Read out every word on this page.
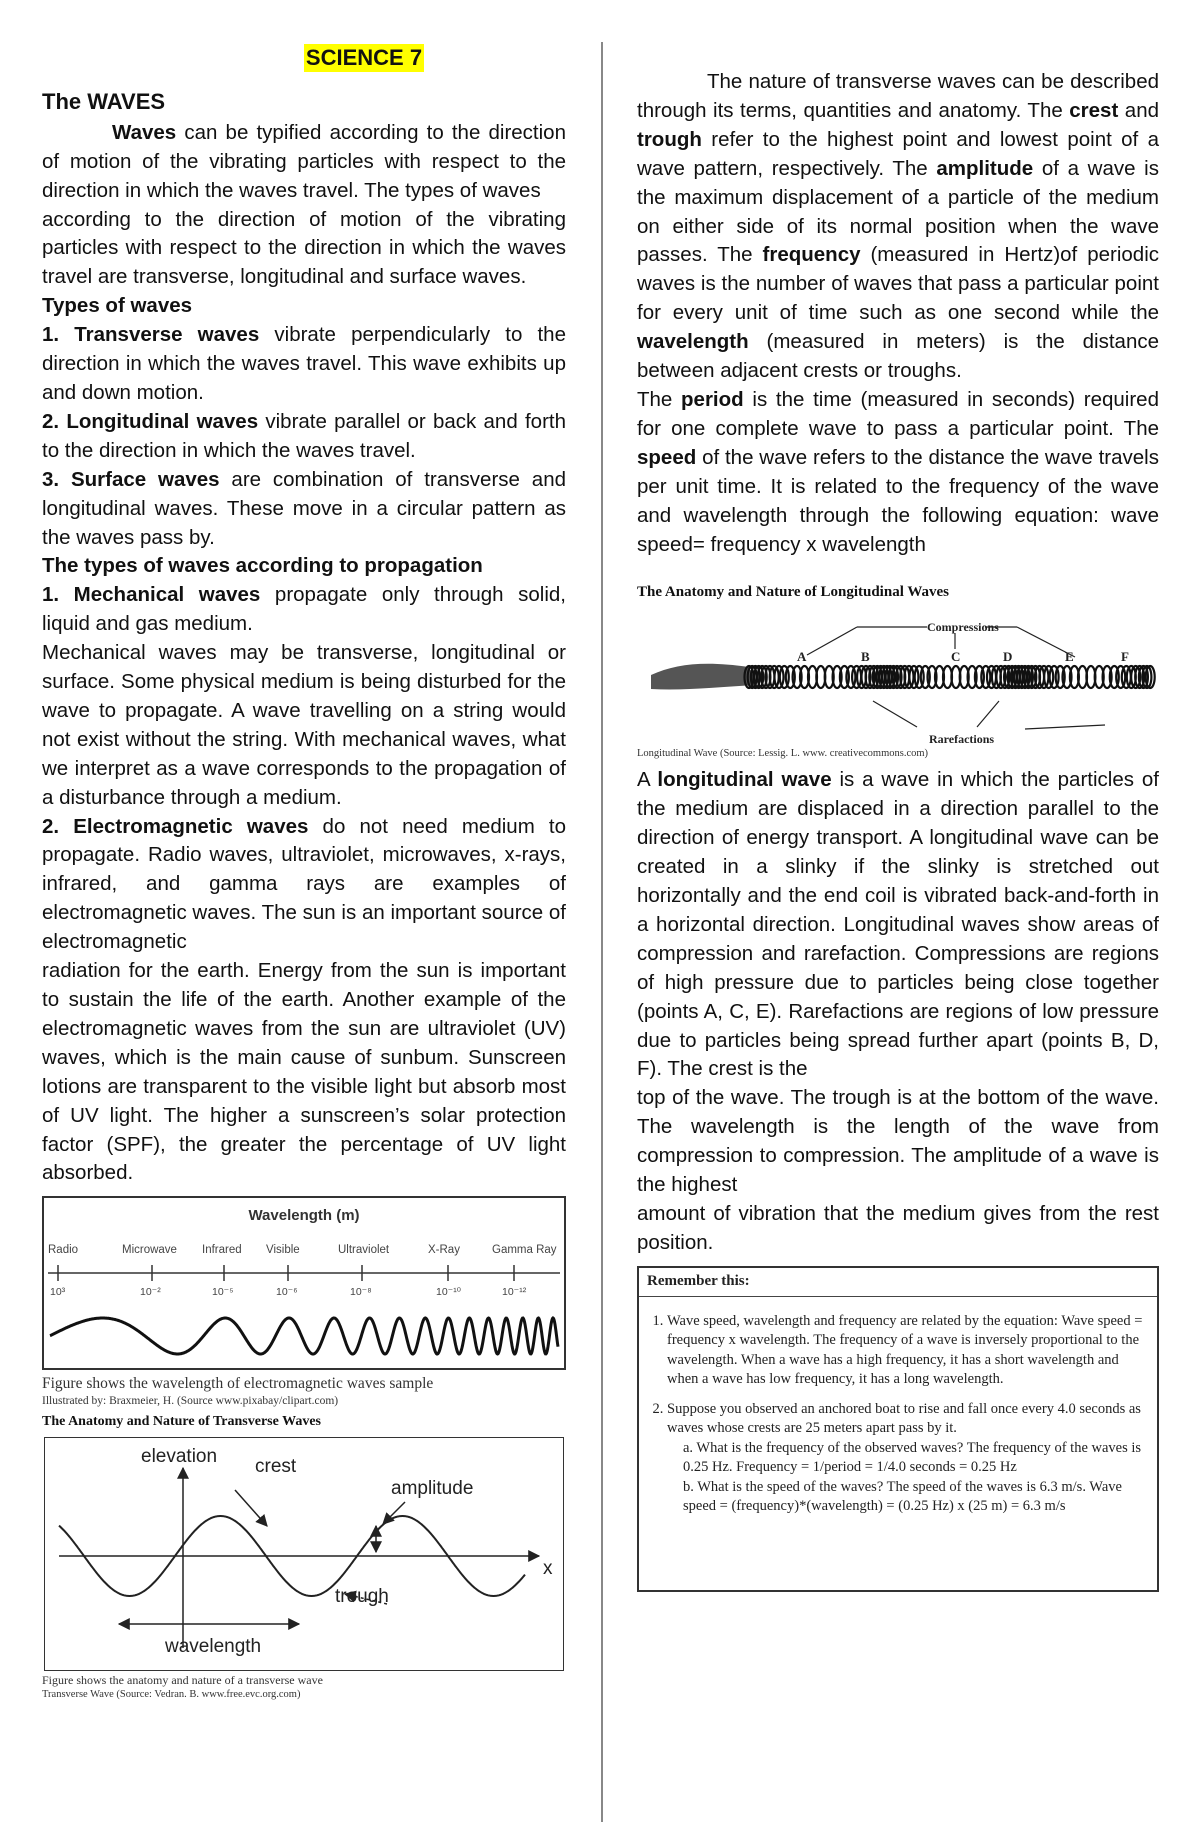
SCIENCE 7

The WAVES

Waves can be typified according to the direction of motion of the vibrating particles with respect to the direction in which the waves travel. The types of waves

according to the direction of motion of the vibrating particles with respect to the direction in which the waves travel are transverse, longitudinal and surface waves.

Types of waves

1. Transverse waves vibrate perpendicularly to the direction in which the waves travel. This wave exhibits up and down motion.

2. Longitudinal waves vibrate parallel or back and forth to the direction in which the waves travel.

3. Surface waves are combination of transverse and longitudinal waves. These move in a circular pattern as the waves pass by.

The types of waves according to propagation

1. Mechanical waves propagate only through solid, liquid and gas medium.

Mechanical waves may be transverse, longitudinal or surface. Some physical medium is being disturbed for the wave to propagate. A wave travelling on a string would not exist without the string. With mechanical waves, what we interpret as a wave corresponds to the propagation of a disturbance through a medium.

2. Electromagnetic waves do not need medium to propagate. Radio waves, ultraviolet, microwaves, x-rays, infrared, and gamma rays are examples of electromagnetic waves. The sun is an important source of electromagnetic

radiation for the earth. Energy from the sun is important to sustain the life of the earth. Another example of the electromagnetic waves from the sun are ultraviolet (UV) waves, which is the main cause of sunbum. Sunscreen lotions are transparent to the visible light but absorb most of UV light. The higher a sunscreen’s solar protection factor (SPF), the greater the percentage of UV light absorbed.

Wavelength (m)
Radio	Microwave Infrared Visible	Ultraviolet	X-Ray	Gamma Ray
10³	10⁻²	10⁻⁵	10⁻⁶	10⁻⁸	10⁻¹⁰	10⁻¹²
Figure shows the wavelength of electromagnetic waves sample
Illustrated by: Braxmeier, H. (Source www.pixabay/clipart.com)
The Anatomy and Nature of Transverse Waves
elevation crest
amplitude
trough
wavelength
x
Figure shows the anatomy and nature of a transverse wave
Transverse Wave (Source: Vedran. B. www.free.evc.org.com)

The nature of transverse waves can be described through its terms, quantities and anatomy. The crest and trough refer to the highest point and lowest point of a wave pattern, respectively. The amplitude of a wave is the maximum displacement of a particle of the medium on either side of its normal position when the wave passes. The frequency (measured in Hertz)of periodic waves is the number of waves that pass a particular point for every unit of time such as one second while the wavelength (measured in meters) is the distance between adjacent crests or troughs.

The period is the time (measured in seconds) required for one complete wave to pass a particular point. The speed of the wave refers to the distance the wave travels per unit time. It is related to the frequency of the wave and wavelength through the following equation: wave speed= frequency x wavelength

The Anatomy and Nature of Longitudinal Waves
Compressions
Rarefactions
A	B	C	D	E	F
Longitudinal Wave (Source: Lessig. L. www. creativecommons.com)

A longitudinal wave is a wave in which the particles of the medium are displaced in a direction parallel to the direction of energy transport. A longitudinal wave can be created in a slinky if the slinky is stretched out horizontally and the end coil is vibrated back-and-forth in a horizontal direction. Longitudinal waves show areas of compression and rarefaction. Compressions are regions of high pressure due to particles being close together (points A, C, E). Rarefactions are regions of low pressure due to particles being spread further apart (points B, D, F). The crest is the

top of the wave. The trough is at the bottom of the wave. The wavelength is the length of the wave from compression to compression. The amplitude of a wave is the highest

amount of vibration that the medium gives from the rest position.

Remember this:
1. Wave speed, wavelength and frequency are related by the equation: Wave speed = frequency x wavelength. The frequency of a wave is inversely proportional to the wavelength. When a wave has a high frequency, it has a short wavelength and when a wave has low frequency, it has a long wavelength.
2. Suppose you observed an anchored boat to rise and fall once every 4.0 seconds as waves whose crests are 25 meters apart pass by it.
a. What is the frequency of the observed waves? The frequency of the waves is 0.25 Hz. Frequency = 1/period = 1/4.0 seconds = 0.25 Hz
b. What is the speed of the waves? The speed of the waves is 6.3 m/s. Wave speed = (frequency)*(wavelength) = (0.25 Hz) x (25 m) = 6.3 m/s
